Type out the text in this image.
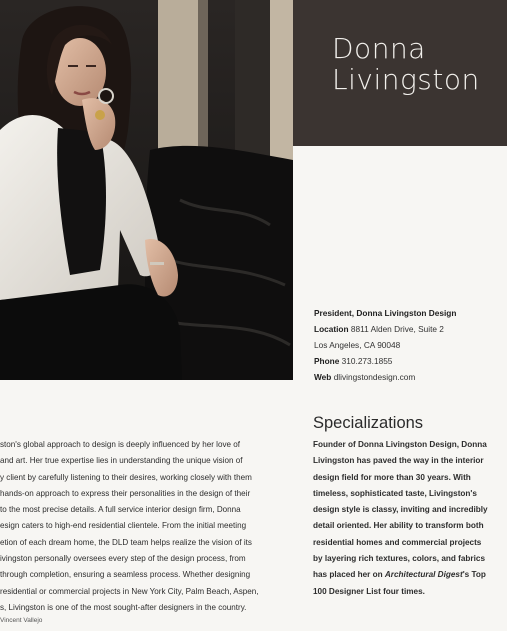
Donna
Livingston
President, Donna Livingston Design
Location 8811 Alden Drive, Suite 2
Los Angeles, CA 90048
Phone 310.273.1855
Web dlivingstondesign.com
ston's global approach to design is deeply influenced by her love of
and art. Her true expertise lies in understanding the unique vision of
y client by carefully listening to their desires, working closely with them
hands-on approach to express their personalities in the design of their
to the most precise details. A full service interior design firm, Donna
esign caters to high-end residential clientele. From the initial meeting
etion of each dream home, the DLD team helps realize the vision of its
ivingston personally oversees every step of the design process, from
through completion, ensuring a seamless process. Whether designing
residential or commercial projects in New York City, Palm Beach, Aspen,
s, Livingston is one of the most sought-after designers in the country.
Vincent Vallejo
Specializations
Founder of Donna Livingston Design, Donna
Livingston has paved the way in the interior
design field for more than 30 years. With
timeless, sophisticated taste, Livingston's
design style is classy, inviting and incredibly
detail oriented. Her ability to transform both
residential homes and commercial projects
by layering rich textures, colors, and fabrics
has placed her on Architectural Digest's Top
100 Designer List four times.
